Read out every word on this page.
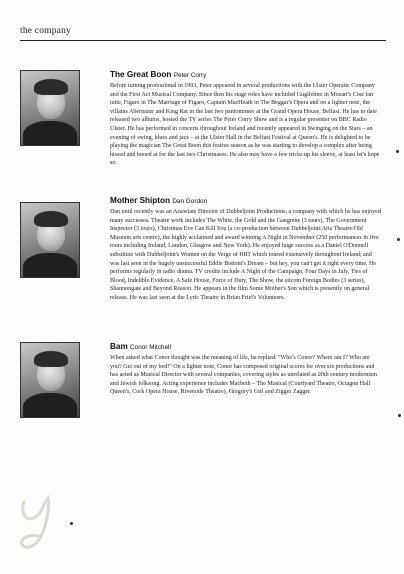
the company

The Great Boon Peter Corry

Before turning professional in 1993, Peter appeared in several productions with the Ulster Operatic Company and the First Act Musical Company. Since then his stage roles have included Guglielmo in Mozart's Cosi fan tutte, Figaro in The Marriage of Figaro, Captain MacHeath in The Beggar's Opera and on a lighter note, the villains Abernazer and King Rat in the last two pantomimes at the Grand Opera House, Belfast. He has to date released two albums, hosted the TV series The Peter Corry Show and is a regular presenter on BBC Radio Ulster. He has performed in concerts throughout Ireland and recently appeared in Swinging on the Stars – an evening of swing, blues and jazz – at the Ulster Hall in the Belfast Festival at Queen's. He is delighted to be playing the magician The Great Boon this festive season as he was starting to develop a complex after being hissed and booed at for the last two Christmases. He also may have a few tricks up his sleeve, at least let's hope so.

Mother Shipton Dan Gordon

Dan until recently was an Associate Director of Dubbeljoint Productions, a company with which he has enjoyed many successes. Theatre work includes The White, the Gold and the Gangrene (3 tours), The Government Inspector (3 tours), Christmas Eve Can Kill You (a co-production between Dubbeljoint/Arts Theatre/Old Museum arts centre), the highly acclaimed and award winning A Night in November (250 performances in five tours including Ireland, London, Glasgow and New York). He enjoyed huge success as a Daniel O'Donnell substitute with Dubbeljoint's Women on the Verge of HRT which toured extensively throughout Ireland; and was last seen in the hugely unsuccessful Eddie Bottom's Dream – but hey, you can't get it right every time. He performs regularly in radio drama. TV credits include A Night of the Campaign, Four Days in July, Ties of Blood, Indelible Evidence, A Safe House, Force of Duty, The Show, the sitcom Foreign Bodies (3 series), Shannongate and Beyond Reason. He appears in the film Some Mother's Son which is presently on general release. He was last seen at the Lyric Theatre in Brian Friel's Volunteers.

Bam Conor Mitchell

When asked what Conor thought was the meaning of life, he replied: "Who's Conor? Where am I? Who are you? Get out of my bed!" On a lighter note, Conor has composed original scores for over six productions and has acted as Musical Director with several companies, covering styles as unrelated as 20th century modernism and Jewish folksong. Acting experience includes Macbeth – The Musical (Courtyard Theatre, Octagon Hall Queen's, Cork Opera House, Riverside Theatre), Gregory's Girl and Zigger Zagger.
